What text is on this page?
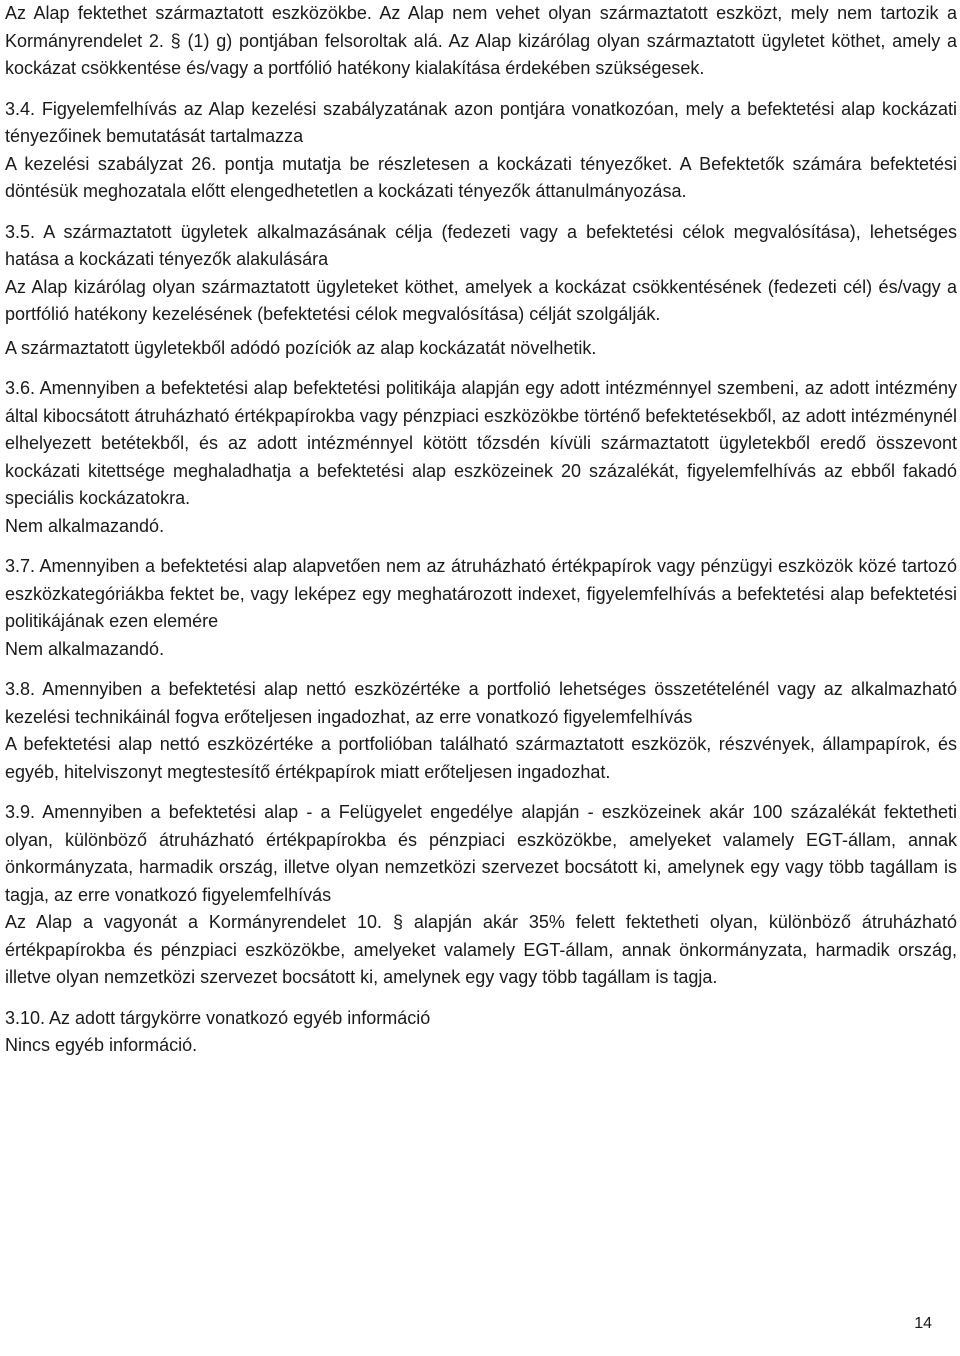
Az Alap fektethet származtatott eszközökbe. Az Alap nem vehet olyan származtatott eszközt, mely nem tartozik a Kormányrendelet 2. § (1) g) pontjában felsoroltak alá. Az Alap kizárólag olyan származtatott ügyletet köthet, amely a kockázat csökkentése és/vagy a portfólió hatékony kialakítása érdekében szükségesek.

3.4. Figyelemfelhívás az Alap kezelési szabályzatának azon pontjára vonatkozóan, mely a befektetési alap kockázati tényezőinek bemutatását tartalmazza

A kezelési szabályzat 26. pontja mutatja be részletesen a kockázati tényezőket. A Befektetők számára befektetési döntésük meghozatala előtt elengedhetetlen a kockázati tényezők áttanulmányozása.

3.5. A származtatott ügyletek alkalmazásának célja (fedezeti vagy a befektetési célok megvalósítása), lehetséges hatása a kockázati tényezők alakulására

Az Alap kizárólag olyan származtatott ügyleteket köthet, amelyek a kockázat csökkentésének (fedezeti cél) és/vagy a portfólió hatékony kezelésének (befektetési célok megvalósítása) célját szolgálják.

A származtatott ügyletekből adódó pozíciók az alap kockázatát növelhetik.

3.6. Amennyiben a befektetési alap befektetési politikája alapján egy adott intézménnyel szembeni, az adott intézmény által kibocsátott átruházható értékpapírokba vagy pénzpiaci eszközökbe történő befektetésekből, az adott intézménynél elhelyezett betétekből, és az adott intézménnyel kötött tőzsdén kívüli származtatott ügyletekből eredő összevont kockázati kitettsége meghaladhatja a befektetési alap eszközeinek 20 százalékát, figyelemfelhívás az ebből fakadó speciális kockázatokra.

Nem alkalmazandó.

3.7. Amennyiben a befektetési alap alapvetően nem az átruházható értékpapírok vagy pénzügyi eszközök közé tartozó eszközkategóriákba fektet be, vagy leképez egy meghatározott indexet, figyelemfelhívás a befektetési alap befektetési politikájának ezen elemére

Nem alkalmazandó.

3.8. Amennyiben a befektetési alap nettó eszközértéke a portfolió lehetséges összetételénél vagy az alkalmazható kezelési technikáinál fogva erőteljesen ingadozhat, az erre vonatkozó figyelemfelhívás

A befektetési alap nettó eszközértéke a portfolióban található származtatott eszközök, részvények, állampapírok, és egyéb, hitelviszonyt megtestesítő értékpapírok miatt erőteljesen ingadozhat.

3.9. Amennyiben a befektetési alap - a Felügyelet engedélye alapján - eszközeinek akár 100 százalékát fektetheti olyan, különböző átruházható értékpapírokba és pénzpiaci eszközökbe, amelyeket valamely EGT-állam, annak önkormányzata, harmadik ország, illetve olyan nemzetközi szervezet bocsátott ki, amelynek egy vagy több tagállam is tagja, az erre vonatkozó figyelemfelhívás

Az Alap a vagyonát a Kormányrendelet 10. § alapján akár 35% felett fektetheti olyan, különböző átruházható értékpapírokba és pénzpiaci eszközökbe, amelyeket valamely EGT-állam, annak önkormányzata, harmadik ország, illetve olyan nemzetközi szervezet bocsátott ki, amelynek egy vagy több tagállam is tagja.

3.10. Az adott tárgykörre vonatkozó egyéb információ

Nincs egyéb információ.

14
